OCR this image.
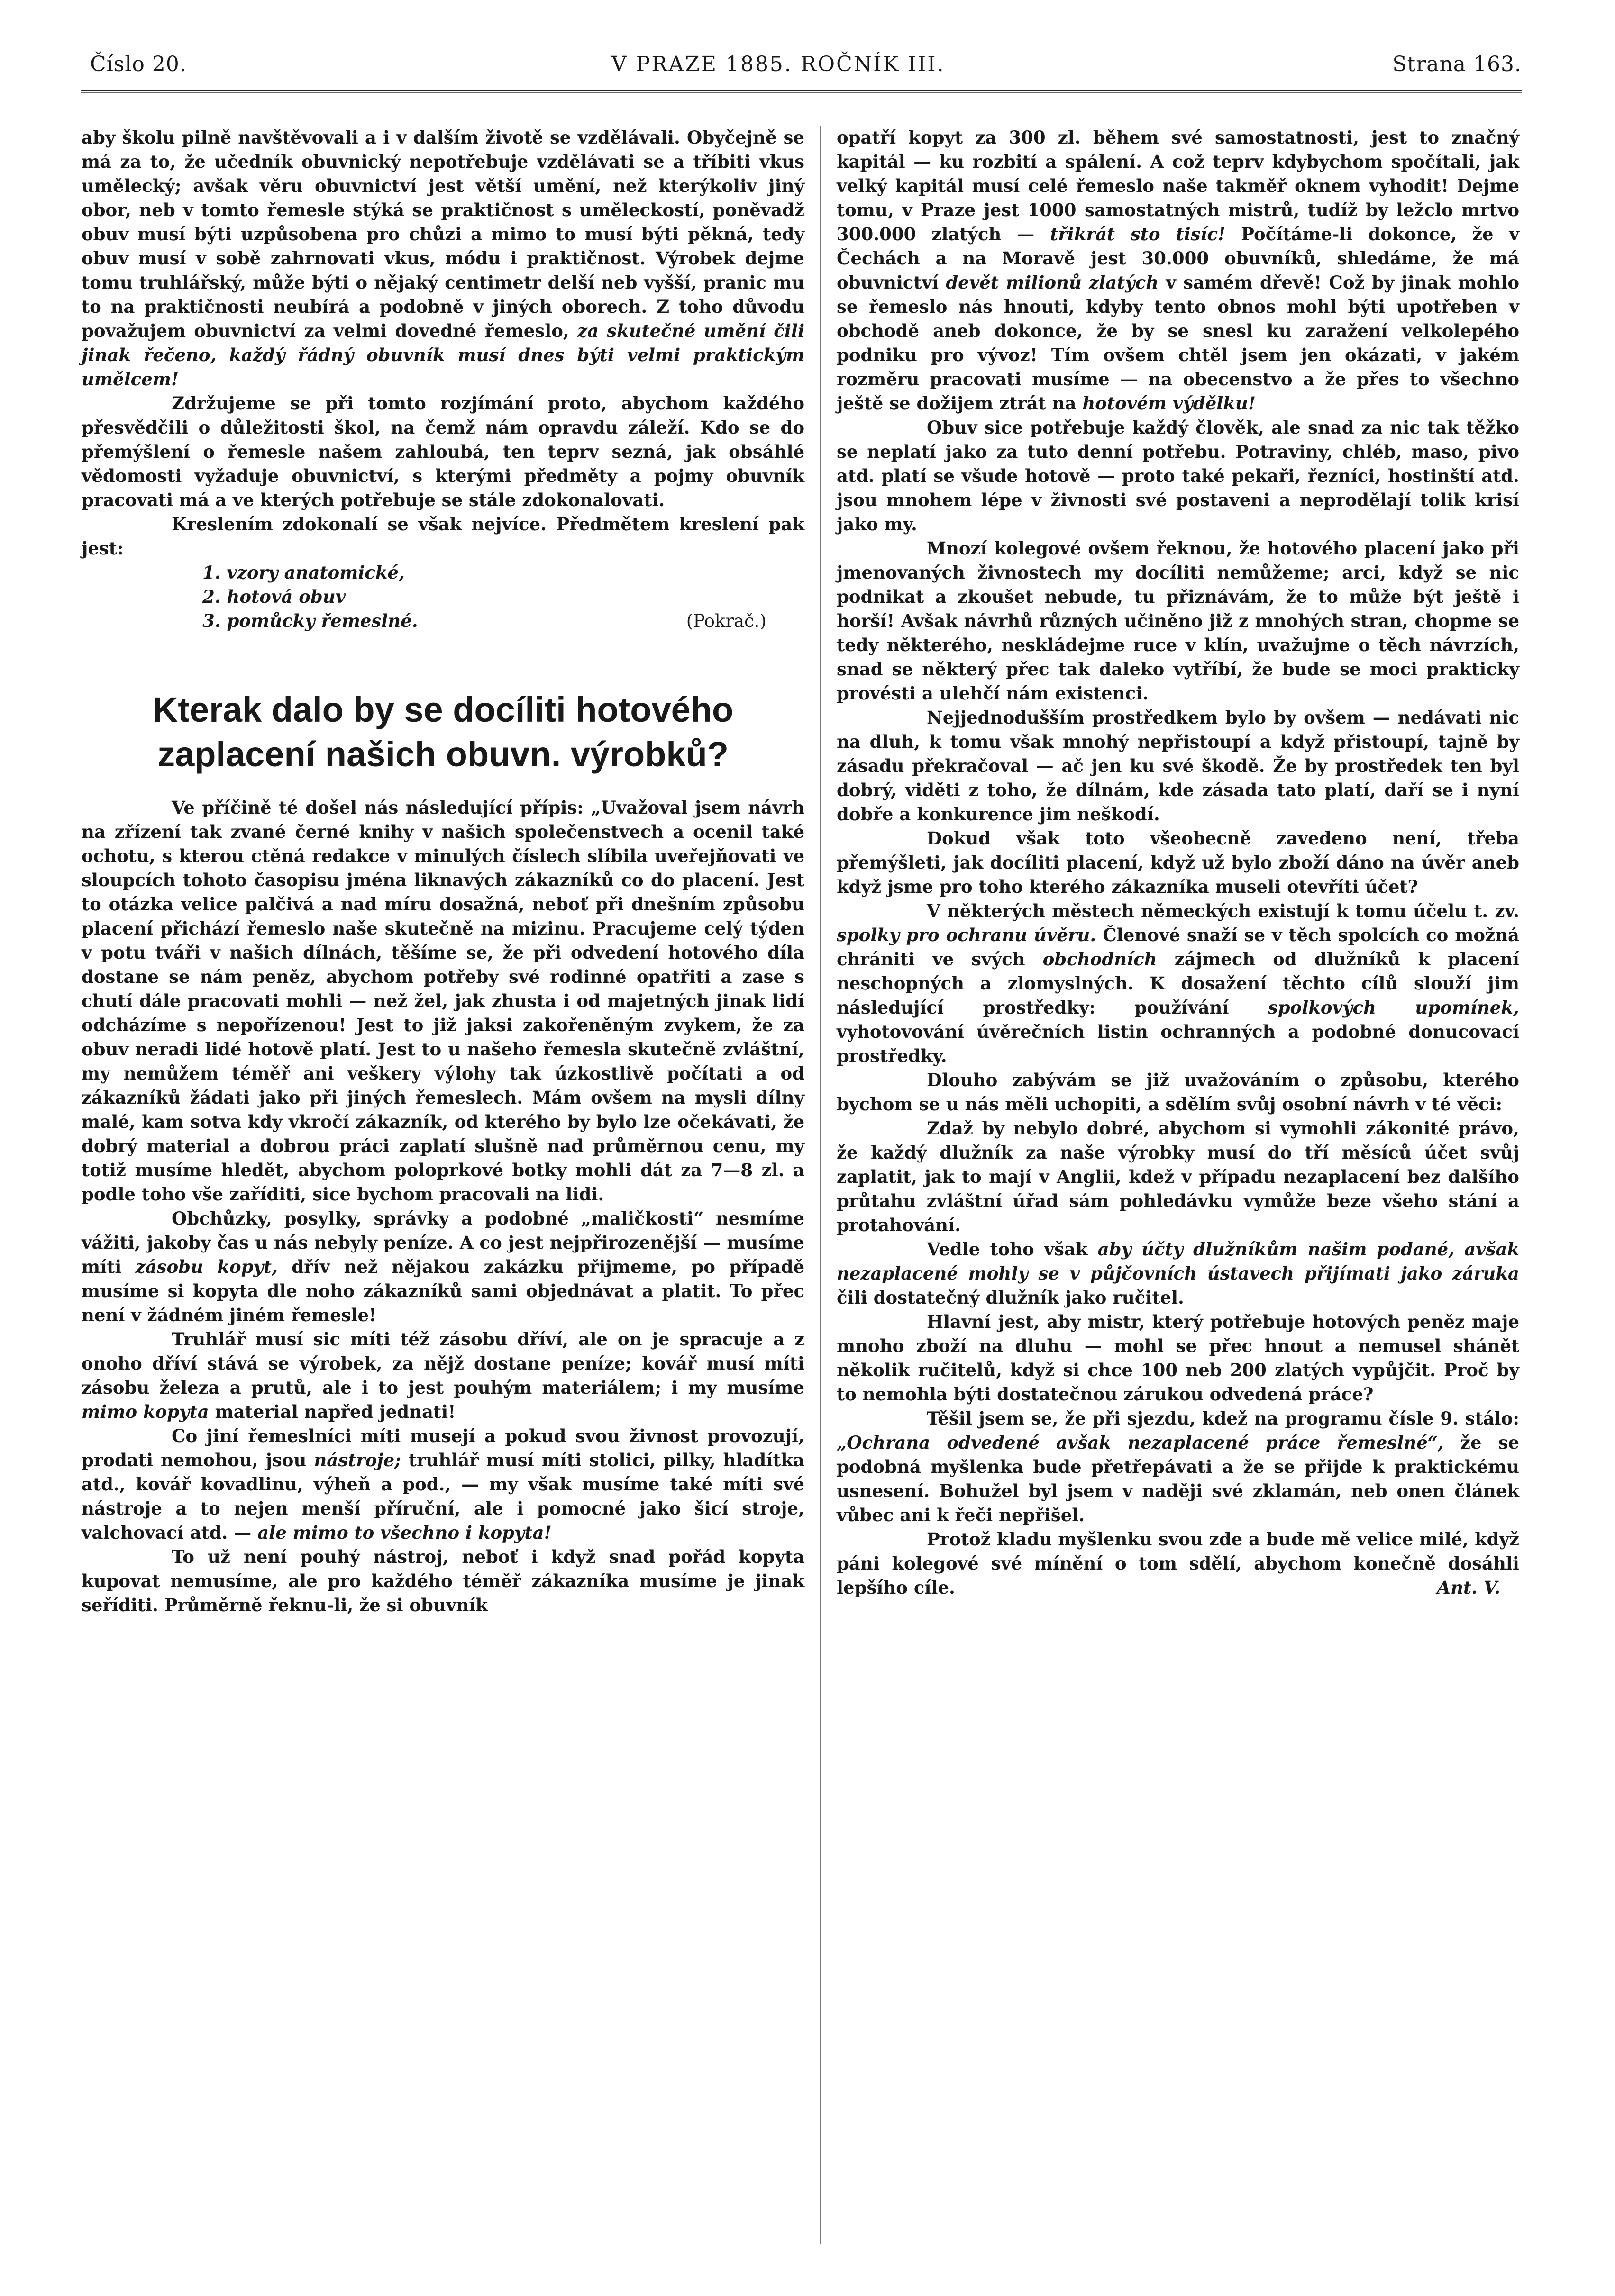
Číslo 20.	V PRAZE 1885. ROČNÍK III.	Strana 163.

aby školu pilně navštěvovali a i v dalším životě se vzdělávali. Obyčejně se má za to, že učedník obuvnický nepotřebuje vzdělávati se a tříbiti vkus umělecký; avšak věru obuvnictví jest větší umění, než kterýkoliv jiný obor, neb v tomto řemesle stýká se praktičnost s uměleckostí, poněvadž obuv musí býti uzpůsobena pro chůzi a mimo to musí býti pěkná, tedy obuv musí v sobě zahrnovati vkus, módu i praktičnost. Výrobek dejme tomu truhlářský, může býti o nějaký centimetr delší neb vyšší, pranic mu to na praktičnosti neubírá a podobně v jiných oborech. Z toho důvodu považujem obuvnictví za velmi dovedné řemeslo, za skutečné umění čili jinak řečeno, každý řádný obuvník musí dnes býti velmi praktickým umělcem!

Zdržujeme se při tomto rozjímání proto, abychom každého přesvědčili o důležitosti škol, na čemž nám opravdu záleží. Kdo se do přemýšlení o řemesle našem zahloubá, ten teprv sezná, jak obsáhlé vědomosti vyžaduje obuvnictví, s kterými předměty a pojmy obuvník pracovati má a ve kterých potřebuje se stále zdokonalovati.

Kreslením zdokonalí se však nejvíce. Předmětem kreslení pak jest:

1. vzory anatomické,
2. hotová obuv
3. pomůcky řemeslné.	(Pokrač.)
Kterak dalo by se docíliti hotového
zaplacení našich obuvn. výrobků?

Ve příčině té došel nás následující přípis: „Uvažoval jsem návrh na zřízení tak zvané černé knihy v našich společenstvech a ocenil také ochotu, s kterou ctěná redakce v minulých číslech slíbila uveřejňovati ve sloupcích tohoto časopisu jména liknavých zákazníků co do placení. Jest to otázka velice palčivá a nad míru dosažná, neboť při dnešním způsobu placení přichází řemeslo naše skutečně na mizinu. Pracujeme celý týden v potu tváři v našich dílnách, těšíme se, že při odvedení hotového díla dostane se nám peněz, abychom potřeby své rodinné opatřiti a zase s chutí dále pracovati mohli — než žel, jak zhusta i od majetných jinak lidí odcházíme s nepořízenou! Jest to již jaksi zakořeněným zvykem, že za obuv neradi lidé hotově platí. Jest to u našeho řemesla skutečně zvláštní, my nemůžem téměř ani veškery výlohy tak úzkostlivě počítati a od zákazníků žádati jako při jiných řemeslech. Mám ovšem na mysli dílny malé, kam sotva kdy vkročí zákazník, od kterého by bylo lze očekávati, že dobrý material a dobrou práci zaplatí slušně nad průměrnou cenu, my totiž musíme hledět, abychom poloprkové botky mohli dát za 7—8 zl. a podle toho vše zaříditi, sice bychom pracovali na lidi.

Obchůzky, posylky, správky a podobné „maličkosti“ nesmíme vážiti, jakoby čas u nás nebyly peníze. A co jest nejpřirozenější — musíme míti zásobu kopyt, dřív než nějakou zakázku přijmeme, po případě musíme si kopyta dle noho zákazníků sami objednávat a platit. To přec není v žádném jiném řemesle!

Truhlář musí sic míti též zásobu dříví, ale on je spracuje a z onoho dříví stává se výrobek, za nějž dostane peníze; kovář musí míti zásobu železa a prutů, ale i to jest pouhým materiálem; i my musíme mimo kopyta material napřed jednati!

Co jiní řemeslníci míti musejí a pokud svou živnost provozují, prodati nemohou, jsou nástroje; truhlář musí míti stolici, pilky, hladítka atd., kovář kovadlinu, výheň a pod., — my však musíme také míti své nástroje a to nejen menší příruční, ale i pomocné jako šicí stroje, valchovací atd. — ale mimo to všechno i kopyta!

To už není pouhý nástroj, neboť i když snad pořád kopyta kupovat nemusíme, ale pro každého téměř zákazníka musíme je jinak seříditi. Průměrně řeknu-li, že si obuvník

opatří kopyt za 300 zl. během své samostatnosti, jest to značný kapitál — ku rozbití a spálení. A což teprv kdybychom spočítali, jak velký kapitál musí celé řemeslo naše takměř oknem vyhodit! Dejme tomu, v Praze jest 1000 samostatných mistrů, tudíž by ležclo mrtvo 300.000 zlatých — třikrát sto tisíc! Počítáme-li dokonce, že v Čechách a na Moravě jest 30.000 obuvníků, shledáme, že má obuvnictví devět milionů zlatých v samém dřevě! Což by jinak mohlo se řemeslo nás hnouti, kdyby tento obnos mohl býti upotřeben v obchodě aneb dokonce, že by se snesl ku zaražení velkolepého podniku pro vývoz! Tím ovšem chtěl jsem jen okázati, v jakém rozměru pracovati musíme — na obecenstvo a že přes to všechno ještě se dožijem ztrát na hotovém výdělku!

Obuv sice potřebuje každý člověk, ale snad za nic tak těžko se neplatí jako za tuto denní potřebu. Potraviny, chléb, maso, pivo atd. platí se všude hotově — proto také pekaři, řezníci, hostinští atd. jsou mnohem lépe v živnosti své postaveni a neprodělají tolik krisí jako my.

Mnozí kolegové ovšem řeknou, že hotového placení jako při jmenovaných živnostech my docíliti nemůžeme; arci, když se nic podnikat a zkoušet nebude, tu přiznávám, že to může být ještě i horší! Avšak návrhů různých učiněno již z mnohých stran, chopme se tedy některého, neskládejme ruce v klín, uvažujme o těch návrzích, snad se některý přec tak daleko vytříbí, že bude se moci prakticky provésti a ulehčí nám existenci.

Nejjednodušším prostředkem bylo by ovšem — nedávati nic na dluh, k tomu však mnohý nepřistoupí a když přistoupí, tajně by zásadu překračoval — ač jen ku své škodě. Že by prostředek ten byl dobrý, viděti z toho, že dílnám, kde zásada tato platí, daří se i nyní dobře a konkurence jim neškodí.

Dokud však toto všeobecně zavedeno není, třeba přemýšleti, jak docíliti placení, když už bylo zboží dáno na úvěr aneb když jsme pro toho kterého zákazníka museli otevříti účet?

V některých městech německých existují k tomu účelu t. zv. spolky pro ochranu úvěru. Členové snaží se v těch spolcích co možná chrániti ve svých obchodních zájmech od dlužníků k placení neschopných a zlomyslných. K dosažení těchto cílů slouží jim následující prostředky: používání spolkových upomínek, vyhotovování úvěrečních listin ochranných a podobné donucovací prostředky.

Dlouho zabývám se již uvažováním o způsobu, kterého bychom se u nás měli uchopiti, a sdělím svůj osobní návrh v té věci:

Zdaž by nebylo dobré, abychom si vymohli zákonité právo, že každý dlužník za naše výrobky musí do tří měsíců účet svůj zaplatit, jak to mají v Anglii, kdež v případu nezaplacení bez dalšího průtahu zvláštní úřad sám pohledávku vymůže beze všeho stání a protahování.

Vedle toho však aby účty dlužníkům našim podané, avšak nezaplacené mohly se v půjčovních ústavech přijímati jako záruka čili dostatečný dlužník jako ručitel.

Hlavní jest, aby mistr, který potřebuje hotových peněz maje mnoho zboží na dluhu — mohl se přec hnout a nemusel shánět několik ručitelů, když si chce 100 neb 200 zlatých vypůjčit. Proč by to nemohla býti dostatečnou zárukou odvedená práce?

Těšil jsem se, že při sjezdu, kdež na programu čísle 9. stálo: „Ochrana odvedené avšak nezaplacené práce řemeslné“, že se podobná myšlenka bude přetřepávati a že se přijde k praktickému usnesení. Bohužel byl jsem v naději své zklamán, neb onen článek vůbec ani k řeči nepřišel.

Protož kladu myšlenku svou zde a bude mě velice milé, když páni kolegové své mínění o tom sdělí, abychom konečně dosáhli lepšího cíle.	Ant. V.
